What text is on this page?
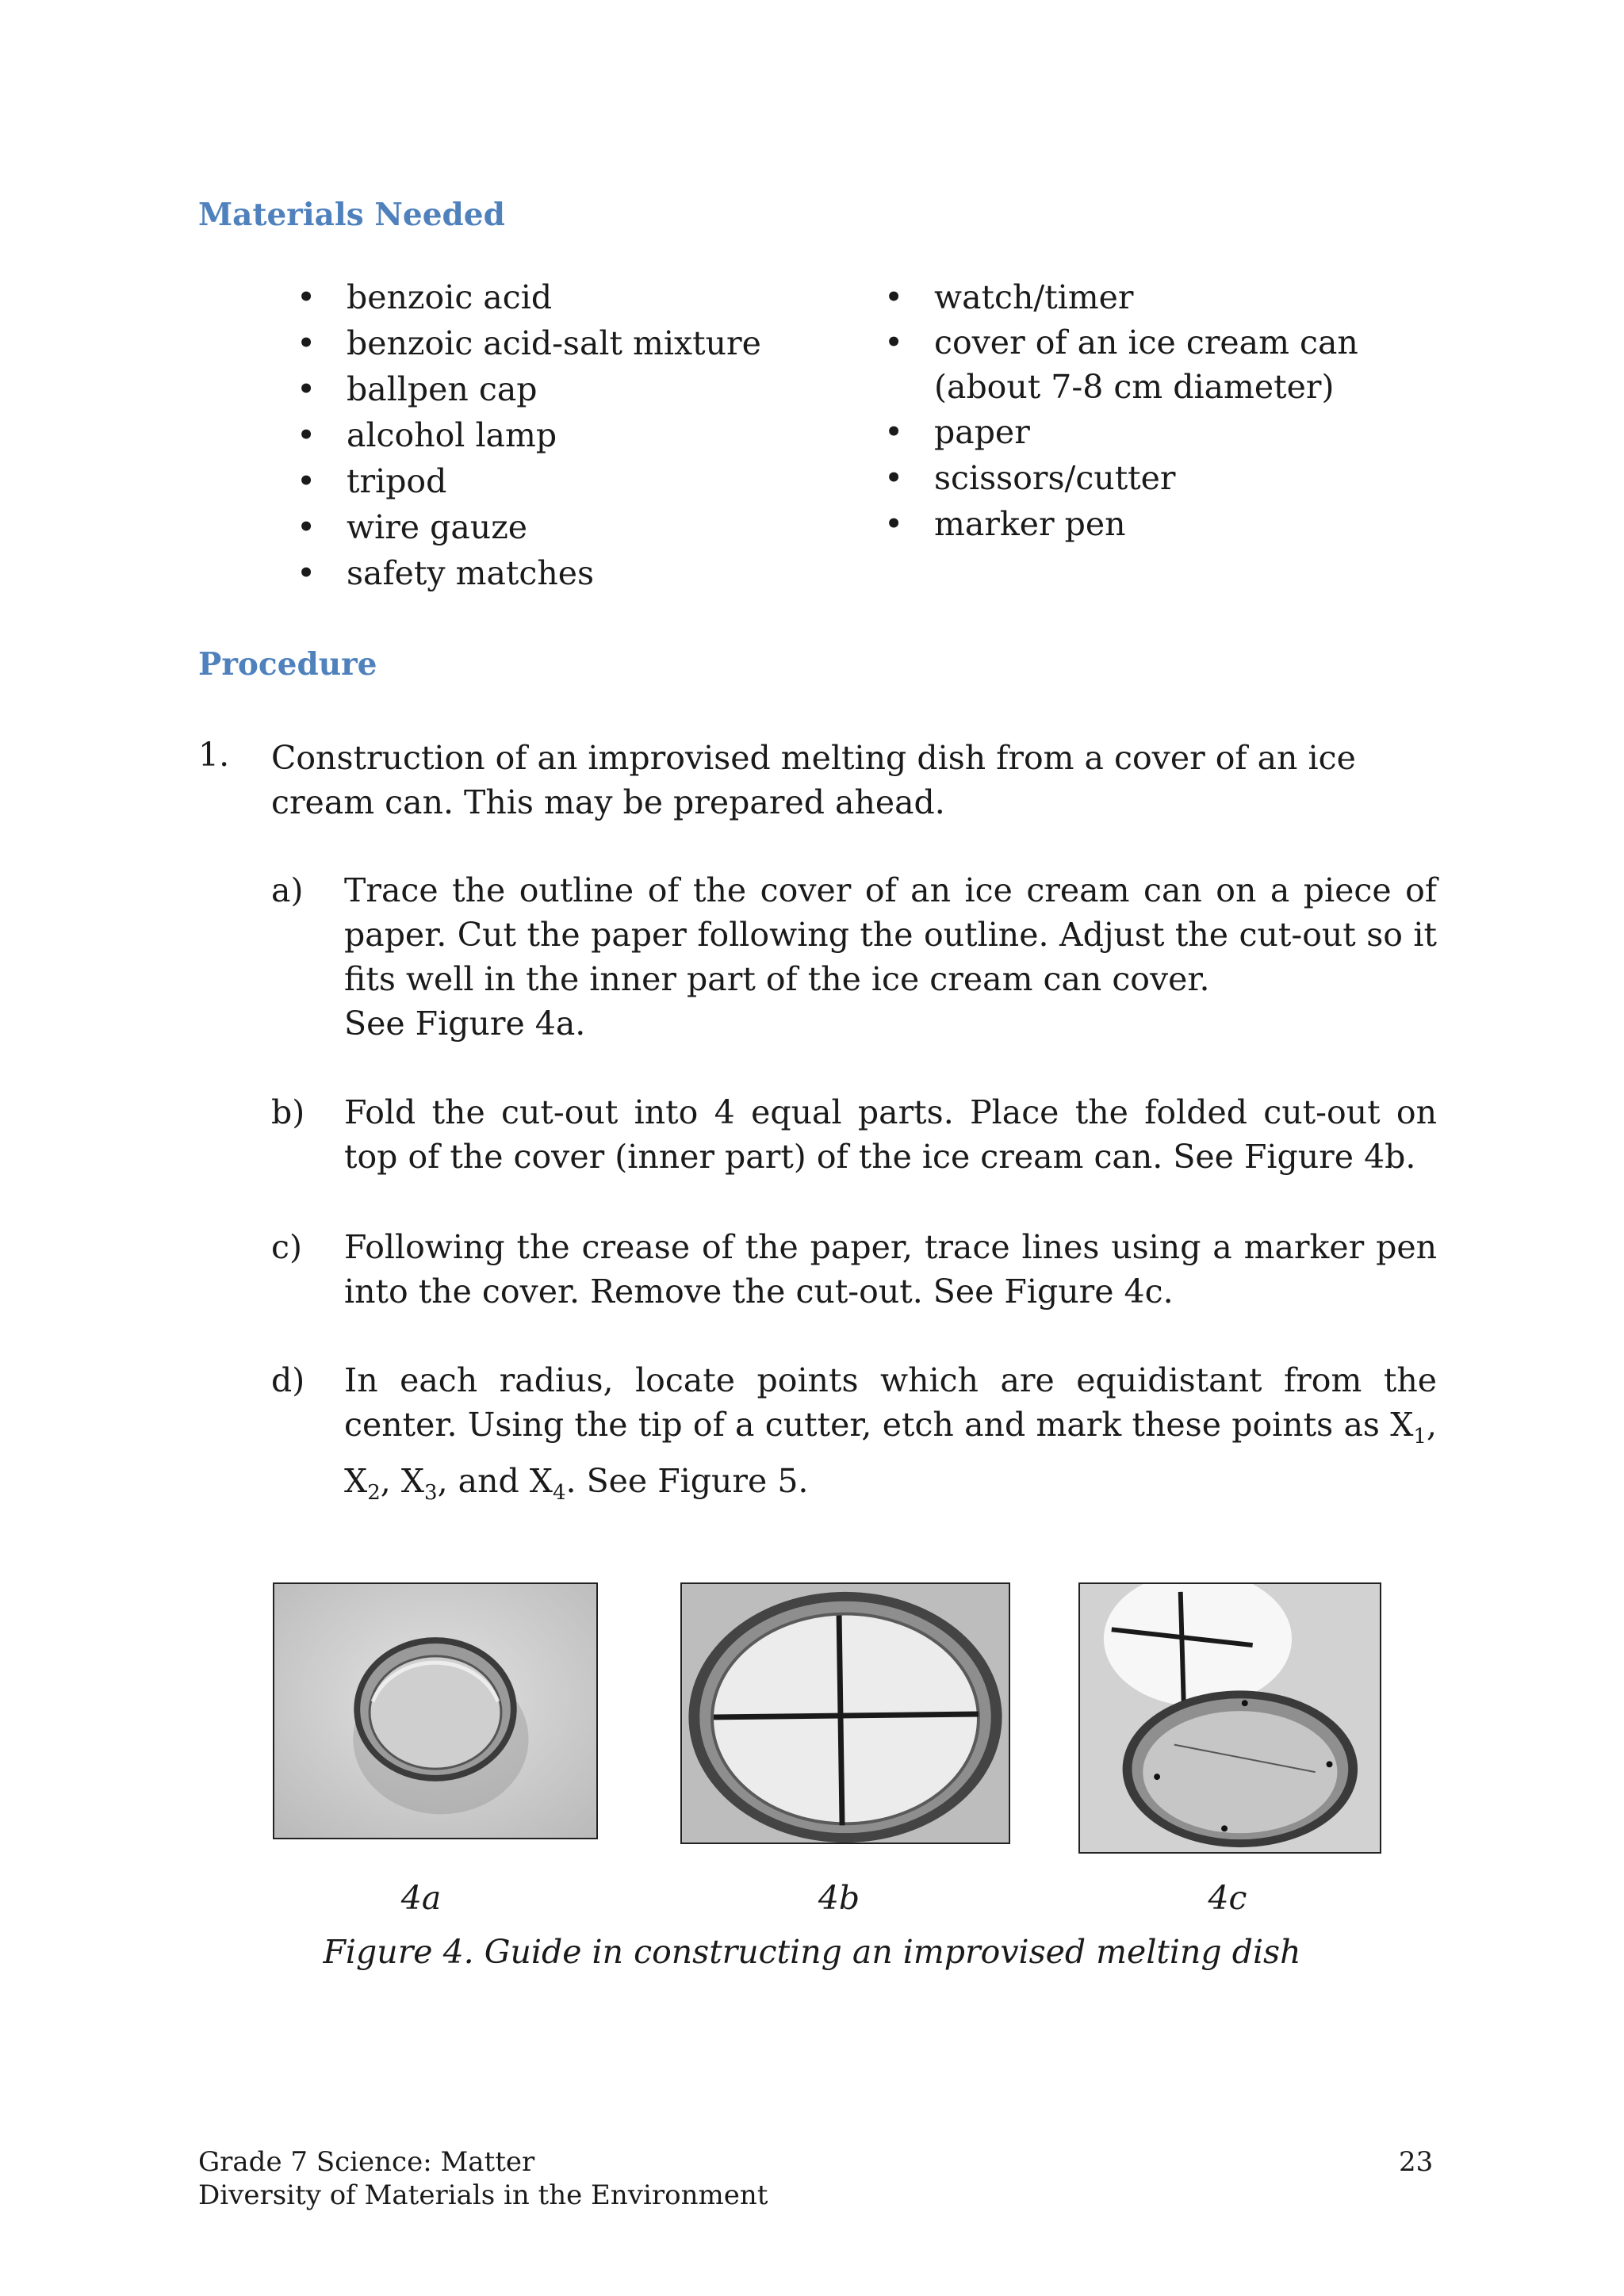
Materials Needed
• benzoic acid
• benzoic acid-salt mixture
• ballpen cap
• alcohol lamp
• tripod
• wire gauze
• safety matches
• watch/timer
• cover of an ice cream can
(about 7-8 cm diameter)
• paper
• scissors/cutter
• marker pen
Procedure
1. Construction of an improvised melting dish from a cover of an ice cream can. This may be prepared ahead.

a) Trace the outline of the cover of an ice cream can on a piece of paper. Cut the paper following the outline. Adjust the cut-out so it fits well in the inner part of the ice cream can cover.
See Figure 4a.

b) Fold the cut-out into 4 equal parts. Place the folded cut-out on top of the cover (inner part) of the ice cream can. See Figure 4b.

c) Following the crease of the paper, trace lines using a marker pen into the cover. Remove the cut-out. See Figure 4c.

d) In each radius, locate points which are equidistant from the center. Using the tip of a cutter, etch and mark these points as $X_1$, $X_2$, $X_3$, and $X_4$. See Figure 5.

4a	4b	4c
Figure 4. Guide in constructing an improvised melting dish
Grade 7 Science: Matter
Diversity of Materials in the Environment
23
